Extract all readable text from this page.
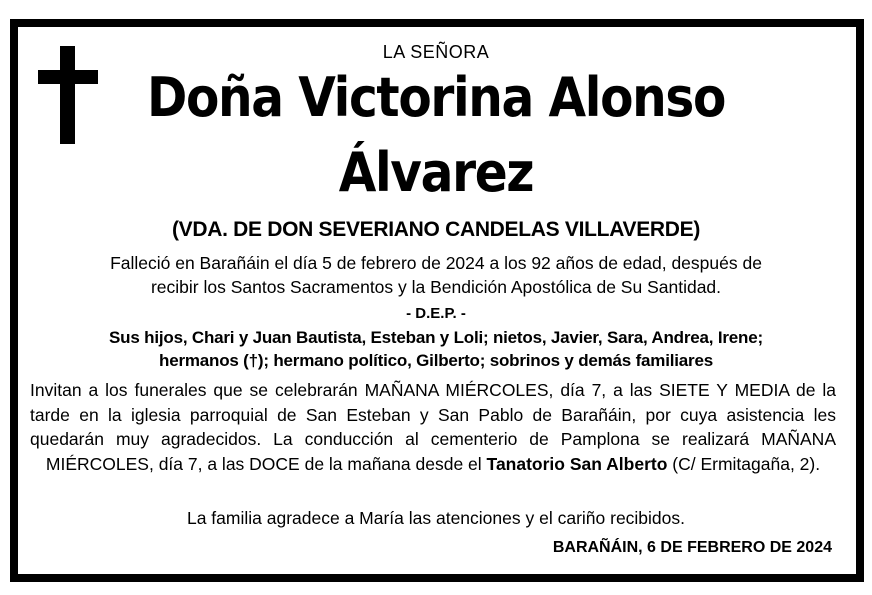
LA SEÑORA
Doña Victorina Alonso
Álvarez
(VDA. DE DON SEVERIANO CANDELAS VILLAVERDE)
Falleció en Barañáin el día 5 de febrero de 2024 a los 92 años de edad, después de
recibir los Santos Sacramentos y la Bendición Apostólica de Su Santidad.
- D.E.P. -
Sus hijos, Chari y Juan Bautista, Esteban y Loli; nietos, Javier, Sara, Andrea, Irene;
hermanos (†); hermano político, Gilberto; sobrinos y demás familiares
Invitan a los funerales que se celebrarán MAÑANA MIÉRCOLES, día 7, a las SIETE Y MEDIA de la tarde en la iglesia parroquial de San Esteban y San Pablo de Barañáin, por cuya asistencia les quedarán muy agradecidos. La conducción al cementerio de Pamplona se realizará MAÑANA MIÉRCOLES, día 7, a las DOCE de la mañana desde el Tanatorio San Alberto (C/ Ermitagaña, 2).
La familia agradece a María las atenciones y el cariño recibidos.
BARAÑÁIN, 6 DE FEBRERO DE 2024
